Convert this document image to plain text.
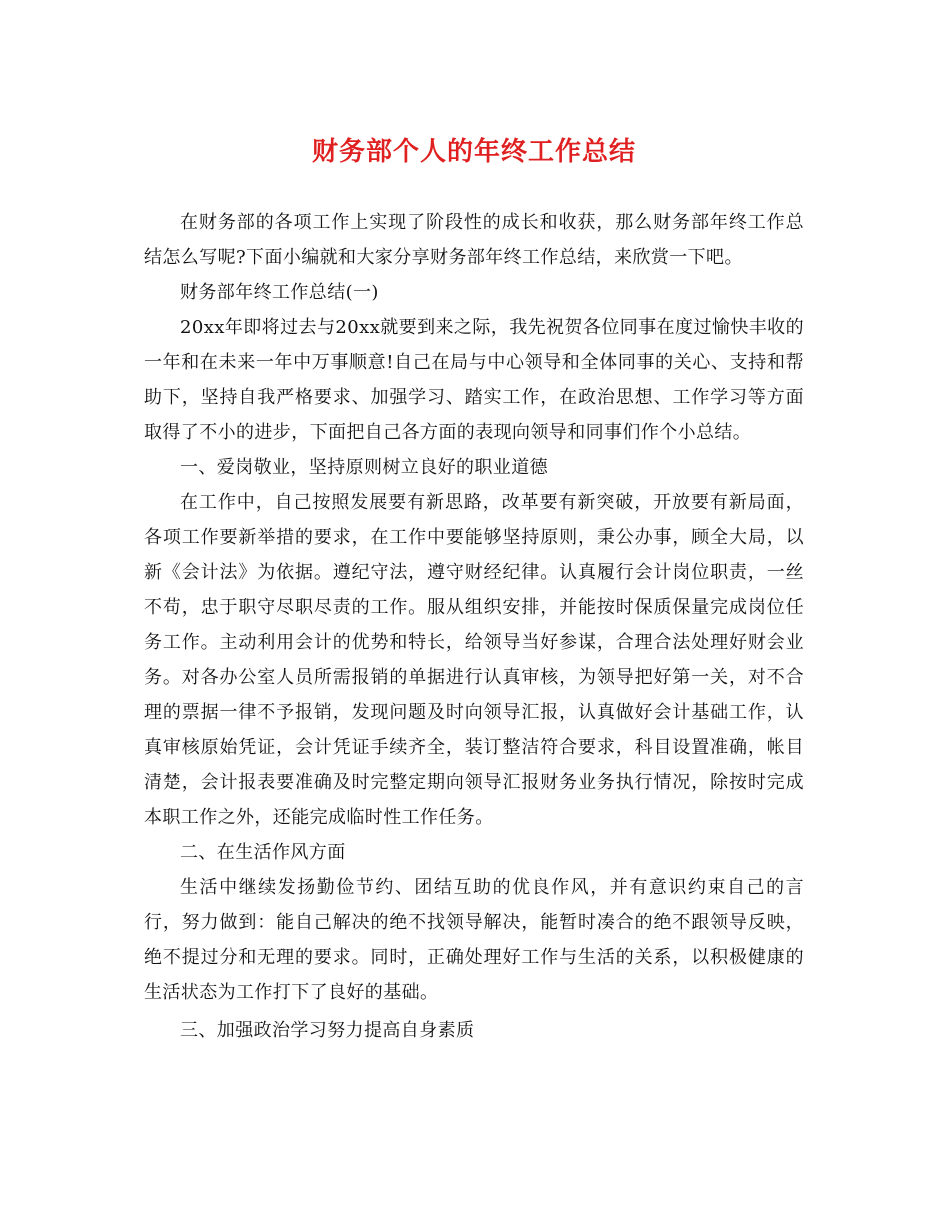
财务部个人的年终工作总结

在财务部的各项工作上实现了阶段性的成长和收获，那么财务部年终工作总结怎么写呢?下面小编就和大家分享财务部年终工作总结，来欣赏一下吧。

财务部年终工作总结(一)

20xx年即将过去与20xx就要到来之际，我先祝贺各位同事在度过愉快丰收的一年和在未来一年中万事顺意!自己在局与中心领导和全体同事的关心、支持和帮助下，坚持自我严格要求、加强学习、踏实工作，在政治思想、工作学习等方面取得了不小的进步，下面把自己各方面的表现向领导和同事们作个小总结。

一、爱岗敬业，坚持原则树立良好的职业道德

在工作中，自己按照发展要有新思路，改革要有新突破，开放要有新局面，各项工作要新举措的要求，在工作中要能够坚持原则，秉公办事，顾全大局，以新《会计法》为依据。遵纪守法，遵守财经纪律。认真履行会计岗位职责，一丝不苟，忠于职守尽职尽责的工作。服从组织安排，并能按时保质保量完成岗位任务工作。主动利用会计的优势和特长，给领导当好参谋，合理合法处理好财会业务。对各办公室人员所需报销的单据进行认真审核，为领导把好第一关，对不合理的票据一律不予报销，发现问题及时向领导汇报，认真做好会计基础工作，认真审核原始凭证，会计凭证手续齐全，装订整洁符合要求，科目设置准确，帐目清楚，会计报表要准确及时完整定期向领导汇报财务业务执行情况，除按时完成本职工作之外，还能完成临时性工作任务。

二、在生活作风方面

生活中继续发扬勤俭节约、团结互助的优良作风，并有意识约束自己的言行，努力做到：能自己解决的绝不找领导解决，能暂时凑合的绝不跟领导反映，绝不提过分和无理的要求。同时，正确处理好工作与生活的关系，以积极健康的生活状态为工作打下了良好的基础。

三、加强政治学习努力提高自身素质
